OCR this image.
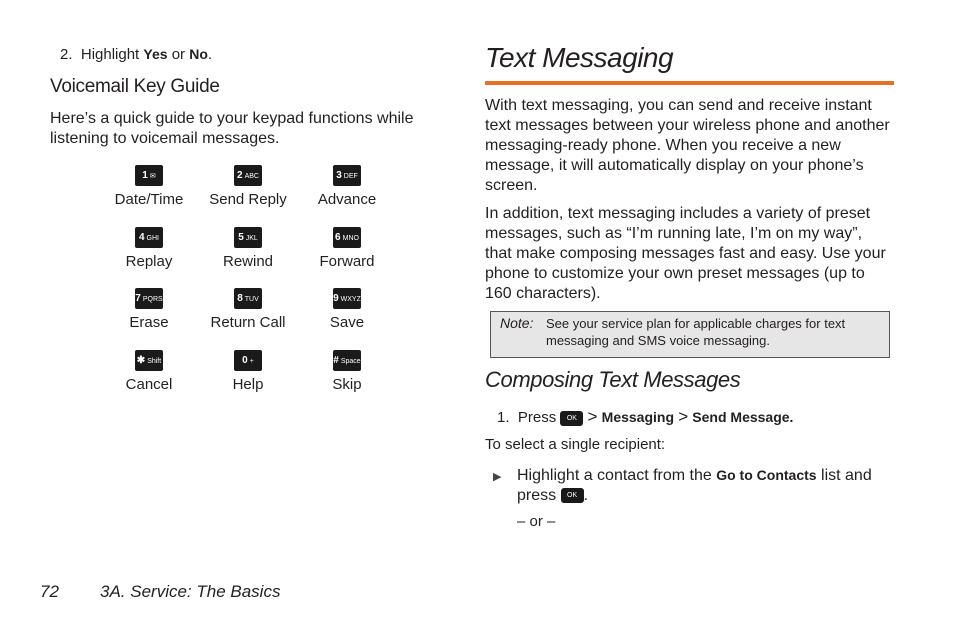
2. Highlight Yes or No.
Voicemail Key Guide
Here’s a quick guide to your keypad functions while listening to voicemail messages.
1 ✉
Date/Time
2 ABC
Send Reply
3 DEF
Advance
4 GHI
Replay
5 JKL
Rewind
6 MNO
Forward
7 PQRS
Erase
8 TUV
Return Call
9 WXYZ
Save
✱ Shift
Cancel
0 +
Help
# Space
Skip
Text Messaging
With text messaging, you can send and receive instant text messages between your wireless phone and another messaging-ready phone. When you receive a new message, it will automatically display on your phone’s screen.
In addition, text messaging includes a variety of preset messages, such as “I’m running late, I’m on my way”, that make composing messages fast and easy. Use your phone to customize your own preset messages (up to 160 characters).
Note: See your service plan for applicable charges for text messaging and SMS voice messaging.
Composing Text Messages
1. Press OK > Messaging > Send Message.
To select a single recipient:
▶ Highlight a contact from the Go to Contacts list and
press OK .
– or –
72 3A. Service: The Basics
